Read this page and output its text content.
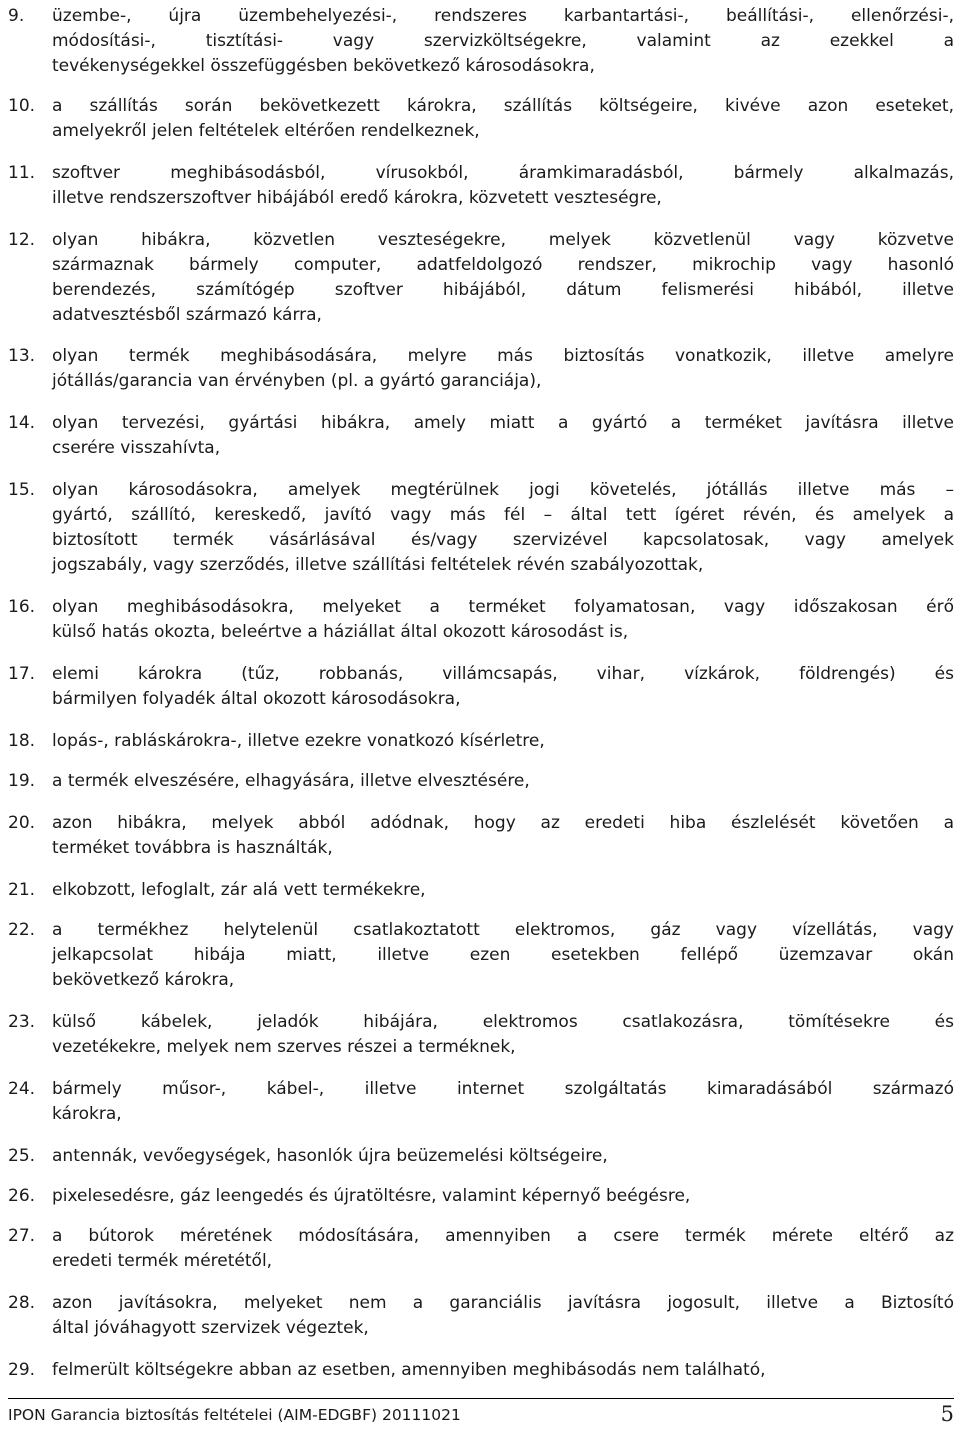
9.	üzembe-, újra üzembehelyezési-, rendszeres karbantartási-, beállítási-, ellenőrzési-,
módosítási-, tisztítási- vagy szervizköltségekre, valamint az ezekkel a
tevékenységekkel összefüggésben bekövetkező károsodásokra,
10. a szállítás során bekövetkezett károkra, szállítás költségeire, kivéve azon eseteket,
amelyekről jelen feltételek eltérően rendelkeznek,
11. szoftver meghibásodásból, vírusokból, áramkimaradásból, bármely alkalmazás,
illetve rendszerszoftver hibájából eredő károkra, közvetett veszteségre,
12. olyan hibákra, közvetlen veszteségekre, melyek közvetlenül vagy közvetve
származnak bármely computer, adatfeldolgozó rendszer, mikrochip vagy hasonló
berendezés, számítógép szoftver hibájából, dátum felismerési hibából, illetve
adatvesztésből származó kárra,
13. olyan termék meghibásodására, melyre más biztosítás vonatkozik, illetve amelyre
jótállás/garancia van érvényben (pl. a gyártó garanciája),
14. olyan tervezési, gyártási hibákra, amely miatt a gyártó a terméket javításra illetve
cserére visszahívta,
15. olyan károsodásokra, amelyek megtérülnek jogi követelés, jótállás illetve más –
gyártó, szállító, kereskedő, javító vagy más fél – által tett ígéret révén, és amelyek a
biztosított termék vásárlásával és/vagy szervizével kapcsolatosak, vagy amelyek
jogszabály, vagy szerződés, illetve szállítási feltételek révén szabályozottak,
16. olyan meghibásodásokra, melyeket a terméket folyamatosan, vagy időszakosan érő
külső hatás okozta, beleértve a háziállat által okozott károsodást is,
17. elemi károkra (tűz, robbanás, villámcsapás, vihar, vízkárok, földrengés) és
bármilyen folyadék által okozott károsodásokra,
18. lopás-, rabláskárokra-, illetve ezekre vonatkozó kísérletre,
19. a termék elveszésére, elhagyására, illetve elvesztésére,
20. azon hibákra, melyek abból adódnak, hogy az eredeti hiba észlelését követően a
terméket továbbra is használták,
21. elkobzott, lefoglalt, zár alá vett termékekre,
22. a termékhez helytelenül csatlakoztatott elektromos, gáz vagy vízellátás, vagy
jelkapcsolat hibája miatt, illetve ezen esetekben fellépő üzemzavar okán
bekövetkező károkra,
23. külső kábelek, jeladók hibájára, elektromos csatlakozásra, tömítésekre és
vezetékekre, melyek nem szerves részei a terméknek,
24. bármely műsor-, kábel-, illetve internet szolgáltatás kimaradásából származó
károkra,
25. antennák, vevőegységek, hasonlók újra beüzemelési költségeire,
26. pixelesedésre, gáz leengedés és újratöltésre, valamint képernyő beégésre,
27. a bútorok méretének módosítására, amennyiben a csere termék mérete eltérő az
eredeti termék méretétől,
28. azon javításokra, melyeket nem a garanciális javításra jogosult, illetve a Biztosító
által jóváhagyott szervizek végeztek,
29. felmerült költségekre abban az esetben, amennyiben meghibásodás nem található,
IPON Garancia biztosítás feltételei (AIM-EDGBF) 20111021	5
